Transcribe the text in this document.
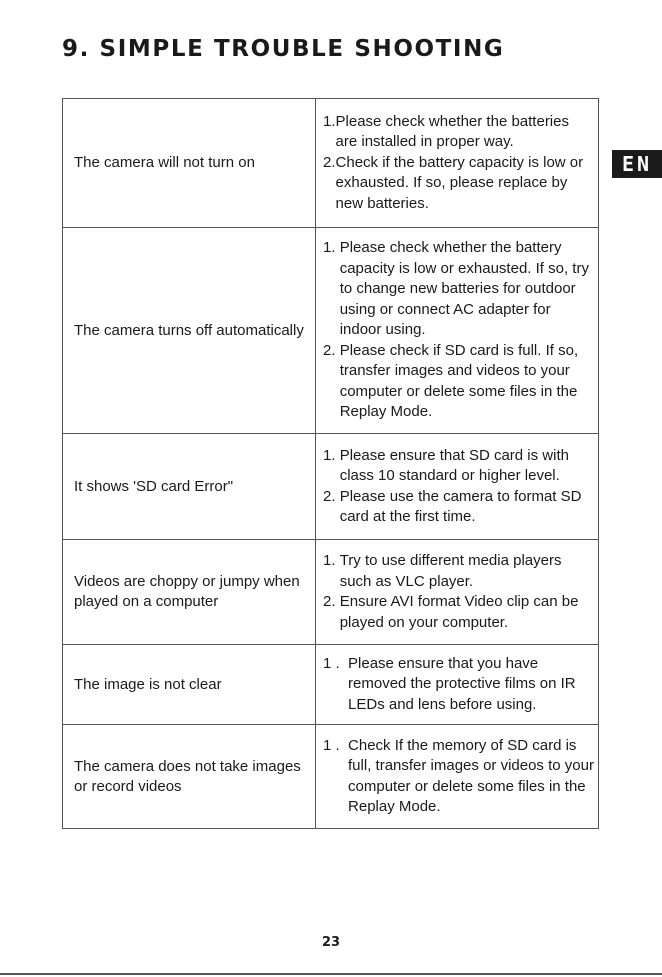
9. SIMPLE TROUBLE SHOOTING
EN
The camera will not turn on	1. Please check whether the batteries are installed in proper way.
2. Check if the battery capacity is low or exhausted. If so, please replace by new batteries.

The camera turns off automatically	1. Please check whether the battery capacity is low or exhausted. If so, try to change new batteries for outdoor using or connect AC adapter for indoor using.
2. Please check if SD card is full. If so, transfer images and videos to your computer or delete some files in the Replay Mode.

It shows 'SD card Error"	1. Please ensure that SD card is with class 10 standard or higher level.
2. Please use the camera to format SD card at the first time.

Videos are choppy or jumpy when played on a computer	1. Try to use different media players such as VLC player.
2. Ensure AVI format Video clip can be played on your computer.

The image is not clear	1 . Please ensure that you have removed the protective films on IR LEDs and lens before using.

The camera does not take images or record videos	1 . Check If the memory of SD card is full, transfer images or videos to your computer or delete some files in the Replay Mode.
23
